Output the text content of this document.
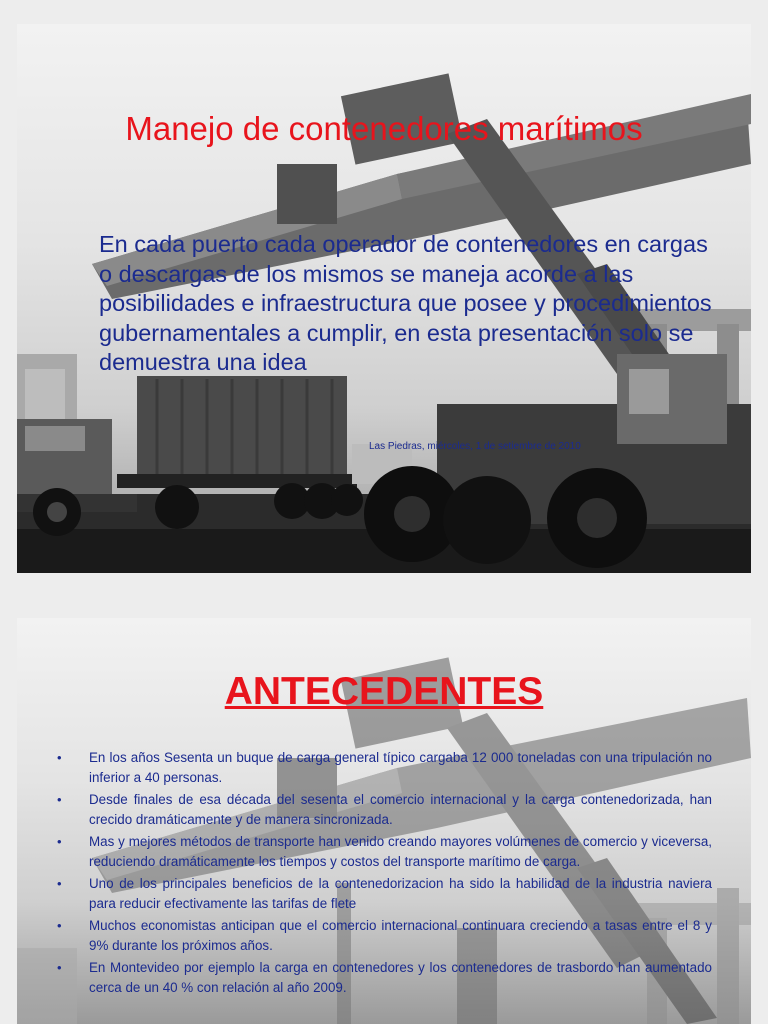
Manejo de contenedores marítimos
En cada puerto cada operador de contenedores en cargas o descargas de los mismos se maneja acorde a las posibilidades e infraestructura que posee y procedimientos gubernamentales a cumplir, en esta presentación solo se demuestra una idea
Las Piedras, miércoles, 1 de setiembre de 2010
ANTECEDENTES
• En los años Sesenta un buque de carga general típico cargaba 12 000 toneladas con una tripulación no inferior a 40 personas.
• Desde finales de esa década del sesenta el comercio internacional y la carga contenedorizada, han crecido dramáticamente y de manera sincronizada.
• Mas y mejores métodos de transporte han venido creando mayores volúmenes de comercio y viceversa, reduciendo dramáticamente los tiempos y costos del transporte marítimo de carga.
• Uno de los principales beneficios de la contenedorizacion ha sido la habilidad de la industria naviera para reducir efectivamente las tarifas de flete
• Muchos economistas anticipan que el comercio internacional continuara creciendo a tasas entre el 8 y 9% durante los próximos años.
• En Montevideo por ejemplo la carga en contenedores y los contenedores de trasbordo han aumentado cerca de un 40 % con relación al año 2009.
